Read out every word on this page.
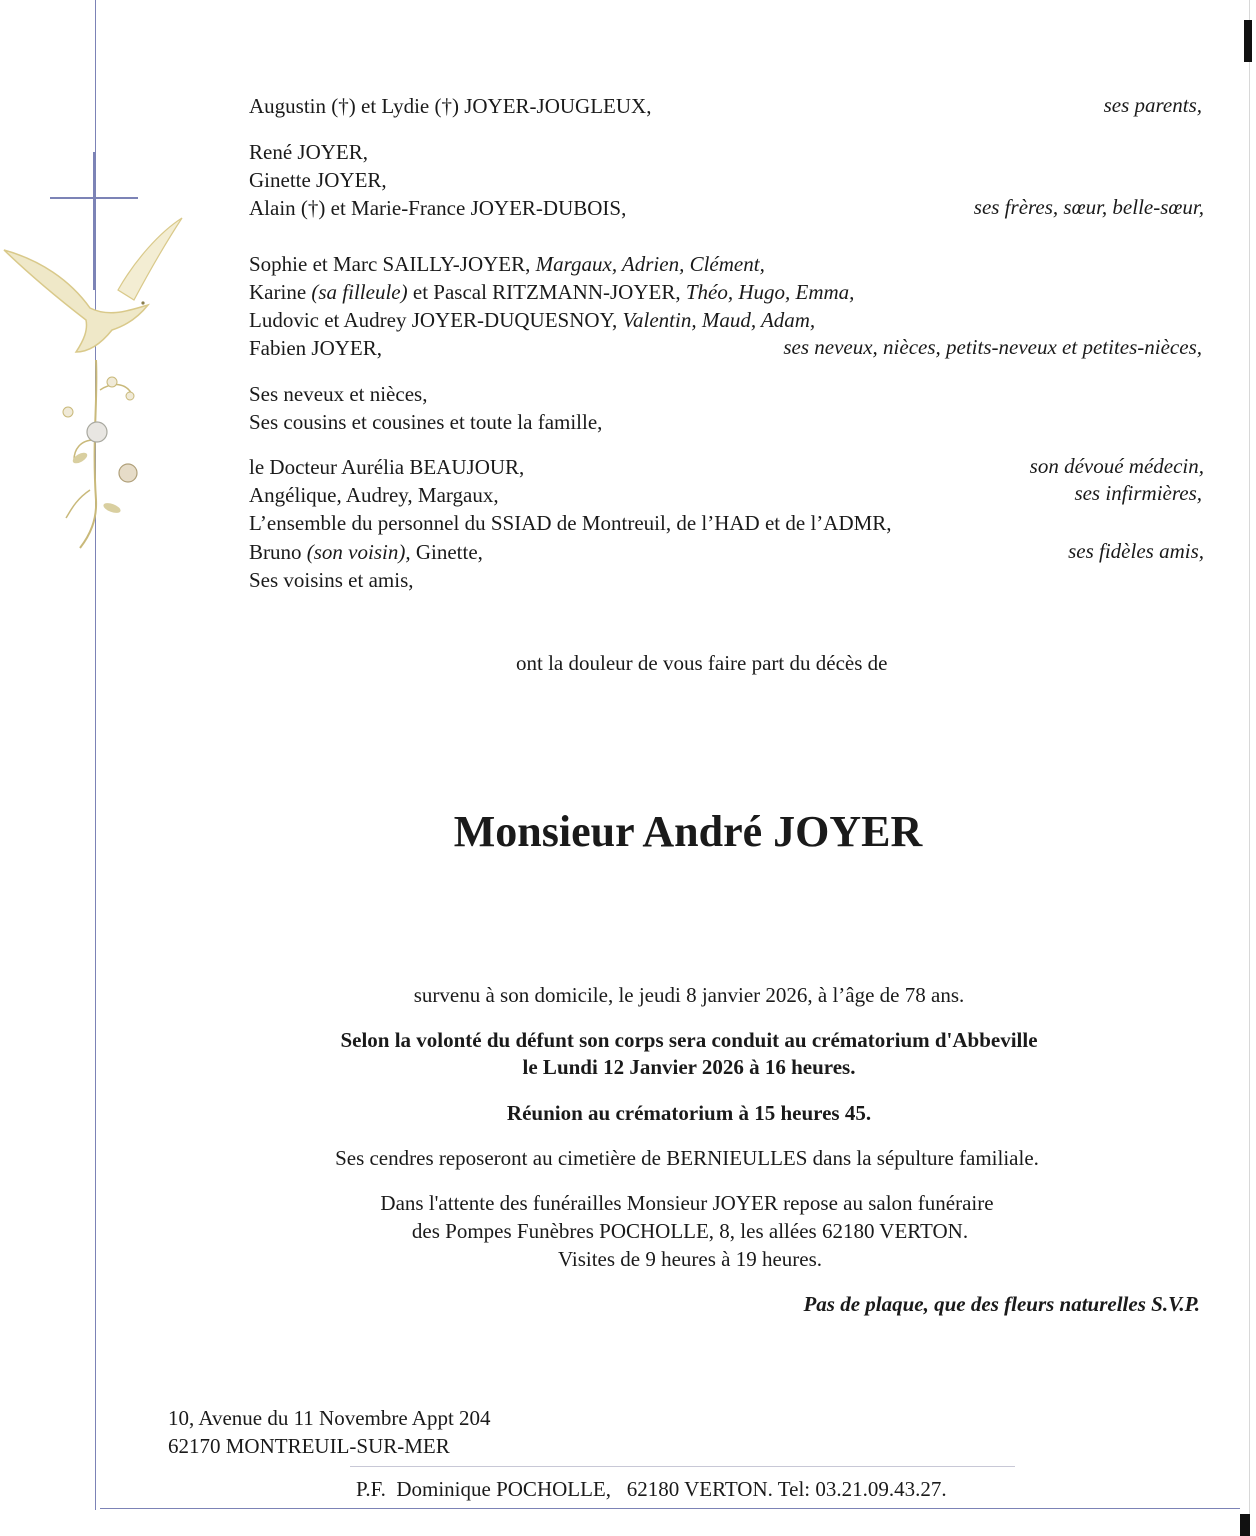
Augustin (†) et Lydie (†) JOYER-JOUGLEUX,	ses parents,
René JOYER,
Ginette JOYER,
Alain (†) et Marie-France JOYER-DUBOIS,	ses frères, sœur, belle-sœur,
Sophie et Marc SAILLY-JOYER, Margaux, Adrien, Clément,
Karine (sa filleule) et Pascal RITZMANN-JOYER, Théo, Hugo, Emma,
Ludovic et Audrey JOYER-DUQUESNOY, Valentin, Maud, Adam,
Fabien JOYER,	ses neveux, nièces, petits-neveux et petites-nièces,
Ses neveux et nièces,
Ses cousins et cousines et toute la famille,
le Docteur Aurélia BEAUJOUR,	son dévoué médecin,
Angélique, Audrey, Margaux,	ses infirmières,
L’ensemble du personnel du SSIAD de Montreuil, de l’HAD et de l’ADMR,
Bruno (son voisin), Ginette,	ses fidèles amis,
Ses voisins et amis,
ont la douleur de vous faire part du décès de
Monsieur André JOYER
survenu à son domicile, le jeudi 8 janvier 2026, à l’âge de 78 ans.
Selon la volonté du défunt son corps sera conduit au crématorium d'Abbeville
le Lundi 12 Janvier 2026 à 16 heures.
Réunion au crématorium à 15 heures 45.
Ses cendres reposeront au cimetière de BERNIEULLES dans la sépulture familiale.
Dans l'attente des funérailles Monsieur JOYER repose au salon funéraire
des Pompes Funèbres POCHOLLE, 8, les allées 62180 VERTON.
Visites de 9 heures à 19 heures.
Pas de plaque, que des fleurs naturelles S.V.P.
10, Avenue du 11 Novembre Appt 204
62170 MONTREUIL-SUR-MER
P.F.  Dominique POCHOLLE,   62180 VERTON. Tel: 03.21.09.43.27.
